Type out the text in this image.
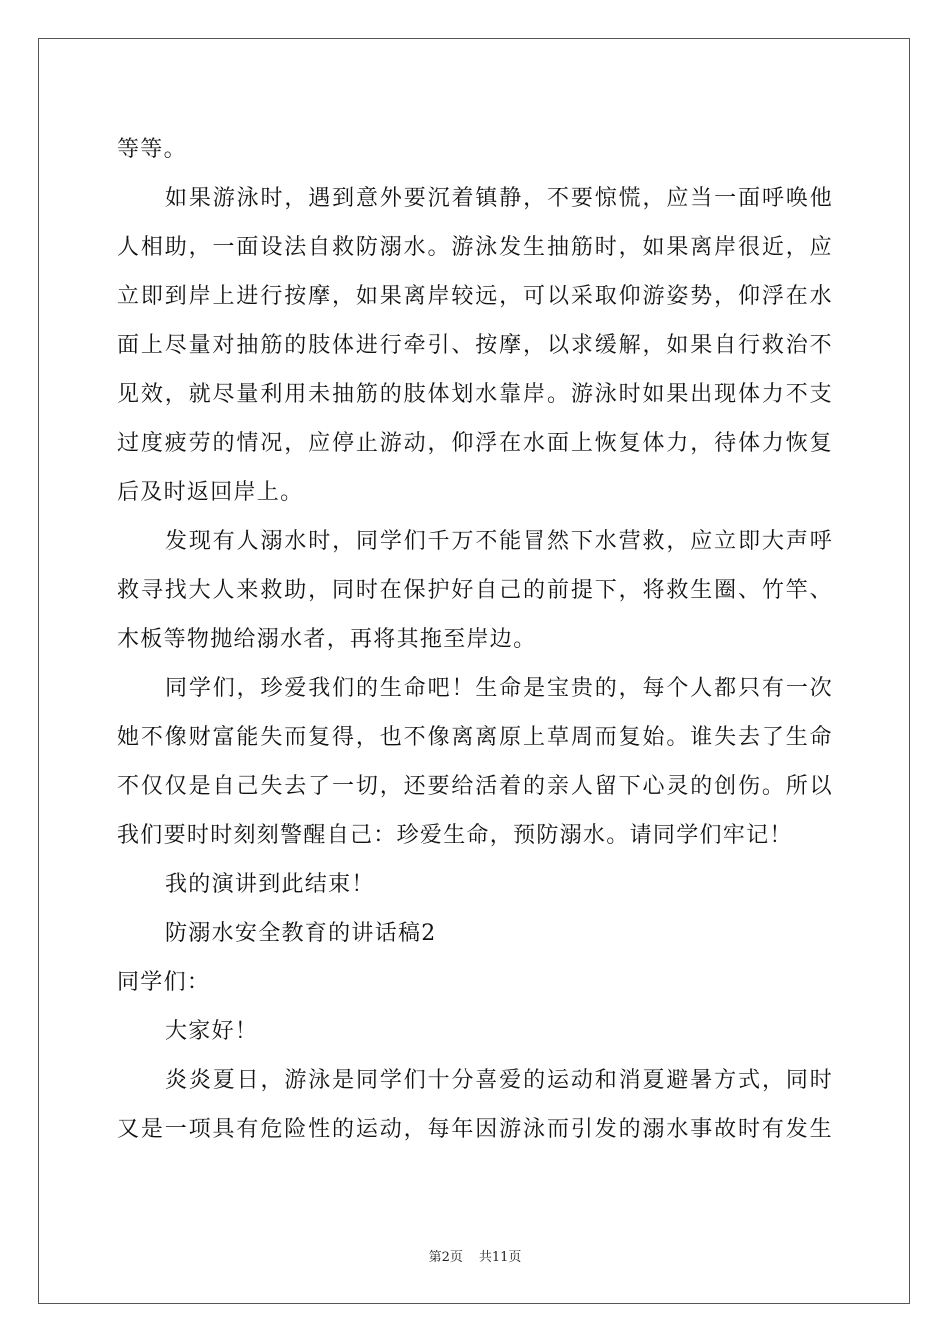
等等。
如果游泳时，遇到意外要沉着镇静，不要惊慌，应当一面呼唤他
人相助，一面设法自救防溺水。游泳发生抽筋时，如果离岸很近，应
立即到岸上进行按摩，如果离岸较远，可以采取仰游姿势，仰浮在水
面上尽量对抽筋的肢体进行牵引、按摩，以求缓解，如果自行救治不
见效，就尽量利用未抽筋的肢体划水靠岸。游泳时如果出现体力不支
过度疲劳的情况，应停止游动，仰浮在水面上恢复体力，待体力恢复
后及时返回岸上。
发现有人溺水时，同学们千万不能冒然下水营救，应立即大声呼
救寻找大人来救助，同时在保护好自己的前提下，将救生圈、竹竿、
木板等物抛给溺水者，再将其拖至岸边。
同学们，珍爱我们的生命吧！生命是宝贵的，每个人都只有一次
她不像财富能失而复得，也不像离离原上草周而复始。谁失去了生命
不仅仅是自己失去了一切，还要给活着的亲人留下心灵的创伤。所以
我们要时时刻刻警醒自己：珍爱生命，预防溺水。请同学们牢记！
我的演讲到此结束！
防溺水安全教育的讲话稿2
同学们：
大家好！
炎炎夏日，游泳是同学们十分喜爱的运动和消夏避暑方式，同时
又是一项具有危险性的运动，每年因游泳而引发的溺水事故时有发生
第2页 共11页
